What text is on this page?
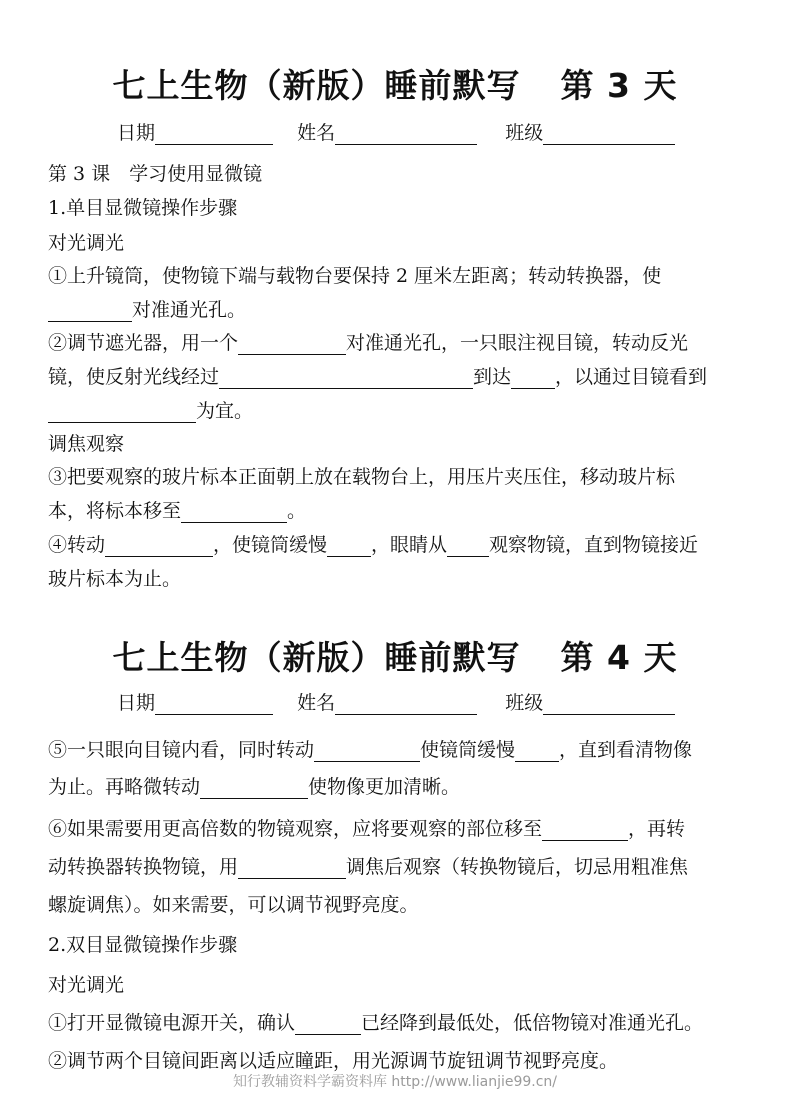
七上生物（新版）睡前默写 第 3 天
日期	姓名	班级
第 3 课　学习使用显微镜
1.单目显微镜操作步骤
对光调光
①上升镜筒，使物镜下端与载物台要保持 2 厘米左距离；转动转换器，使
对准通光孔。
②调节遮光器，用一个	对准通光孔，一只眼注视目镜，转动反光
镜，使反射光线经过	到达 ，以通过目镜看到
为宜。
调焦观察
③把要观察的玻片标本正面朝上放在载物台上，用压片夹压住，移动玻片标
本，将标本移至	。
④转动	，使镜筒缓慢 ，眼睛从 观察物镜，直到物镜接近
玻片标本为止。
七上生物（新版）睡前默写 第 4 天
日期	姓名	班级
⑤一只眼向目镜内看，同时转动	使镜筒缓慢 ，直到看清物像
为止。再略微转动	使物像更加清晰。
⑥如果需要用更高倍数的物镜观察，应将要观察的部位移至	，再转
动转换器转换物镜，用	调焦后观察（转换物镜后，切忌用粗准焦
螺旋调焦）。如来需要，可以调节视野亮度。
2.双目显微镜操作步骤
对光调光
①打开显微镜电源开关，确认	已经降到最低处，低倍物镜对准通光孔。
②调节两个目镜间距离以适应瞳距，用光源调节旋钮调节视野亮度。
知行教辅资料学霸资料库 http://www.lianjie99.cn/
